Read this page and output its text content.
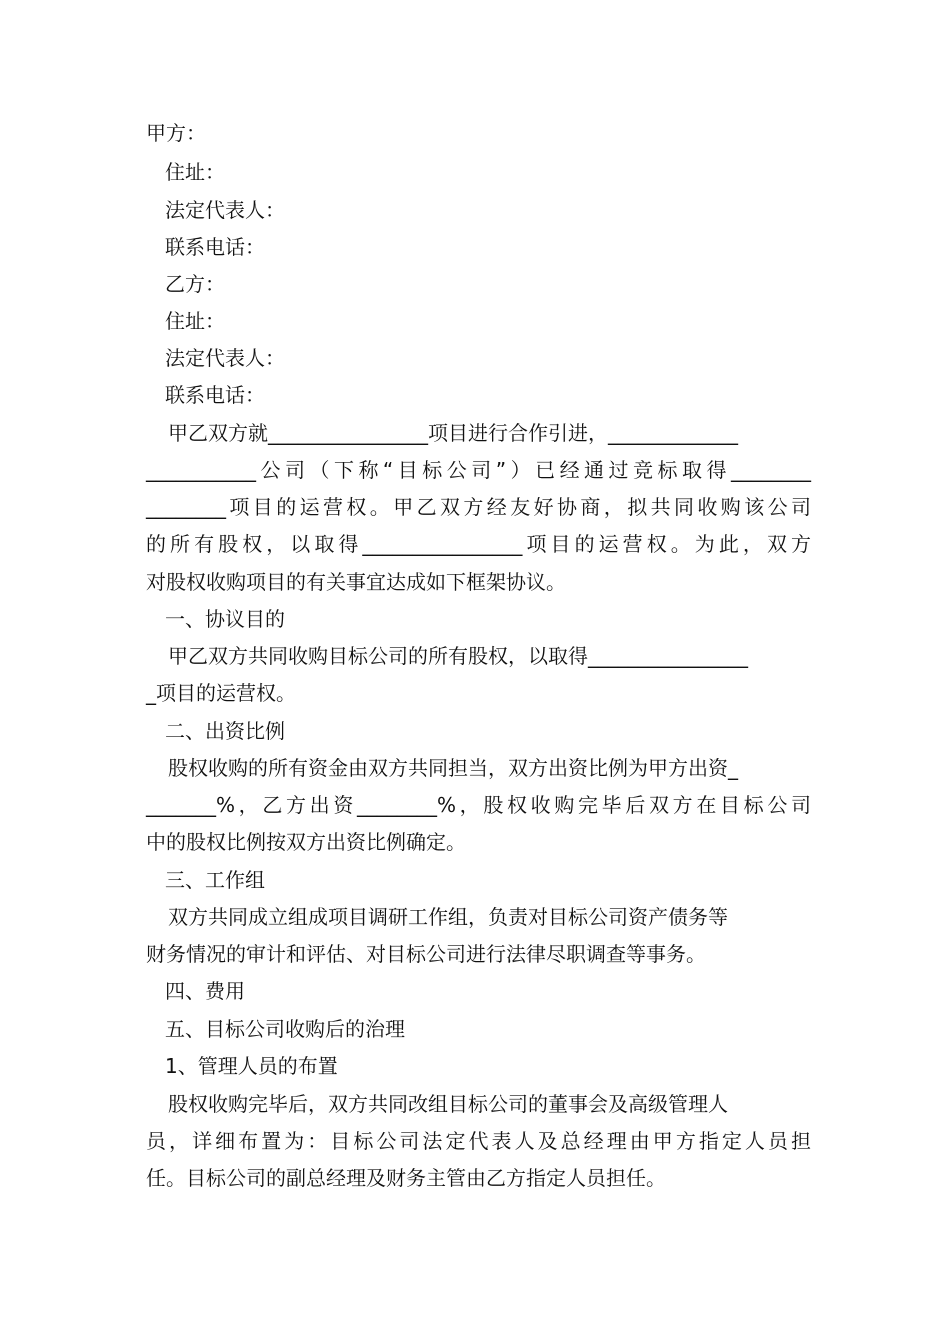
甲方：
住址：
法定代表人：
联系电话：
乙方：
住址：
法定代表人：
联系电话：
甲乙双方就________________项目进行合作引进，_____________
___________公司（下称“目标公司”）已经通过竞标取得________
________项目的运营权。甲乙双方经友好协商，拟共同收购该公司
的所有股权，以取得________________项目的运营权。为此，双方
对股权收购项目的有关事宜达成如下框架协议。
一、协议目的
甲乙双方共同收购目标公司的所有股权，以取得________________
_项目的运营权。
二、出资比例
股权收购的所有资金由双方共同担当，双方出资比例为甲方出资_
_______%，乙方出资________%，股权收购完毕后双方在目标公司
中的股权比例按双方出资比例确定。
三、工作组
双方共同成立组成项目调研工作组，负责对目标公司资产债务等
财务情况的审计和评估、对目标公司进行法律尽职调查等事务。
四、费用
五、目标公司收购后的治理
1、管理人员的布置
股权收购完毕后，双方共同改组目标公司的董事会及高级管理人
员，详细布置为：目标公司法定代表人及总经理由甲方指定人员担
任。目标公司的副总经理及财务主管由乙方指定人员担任。
